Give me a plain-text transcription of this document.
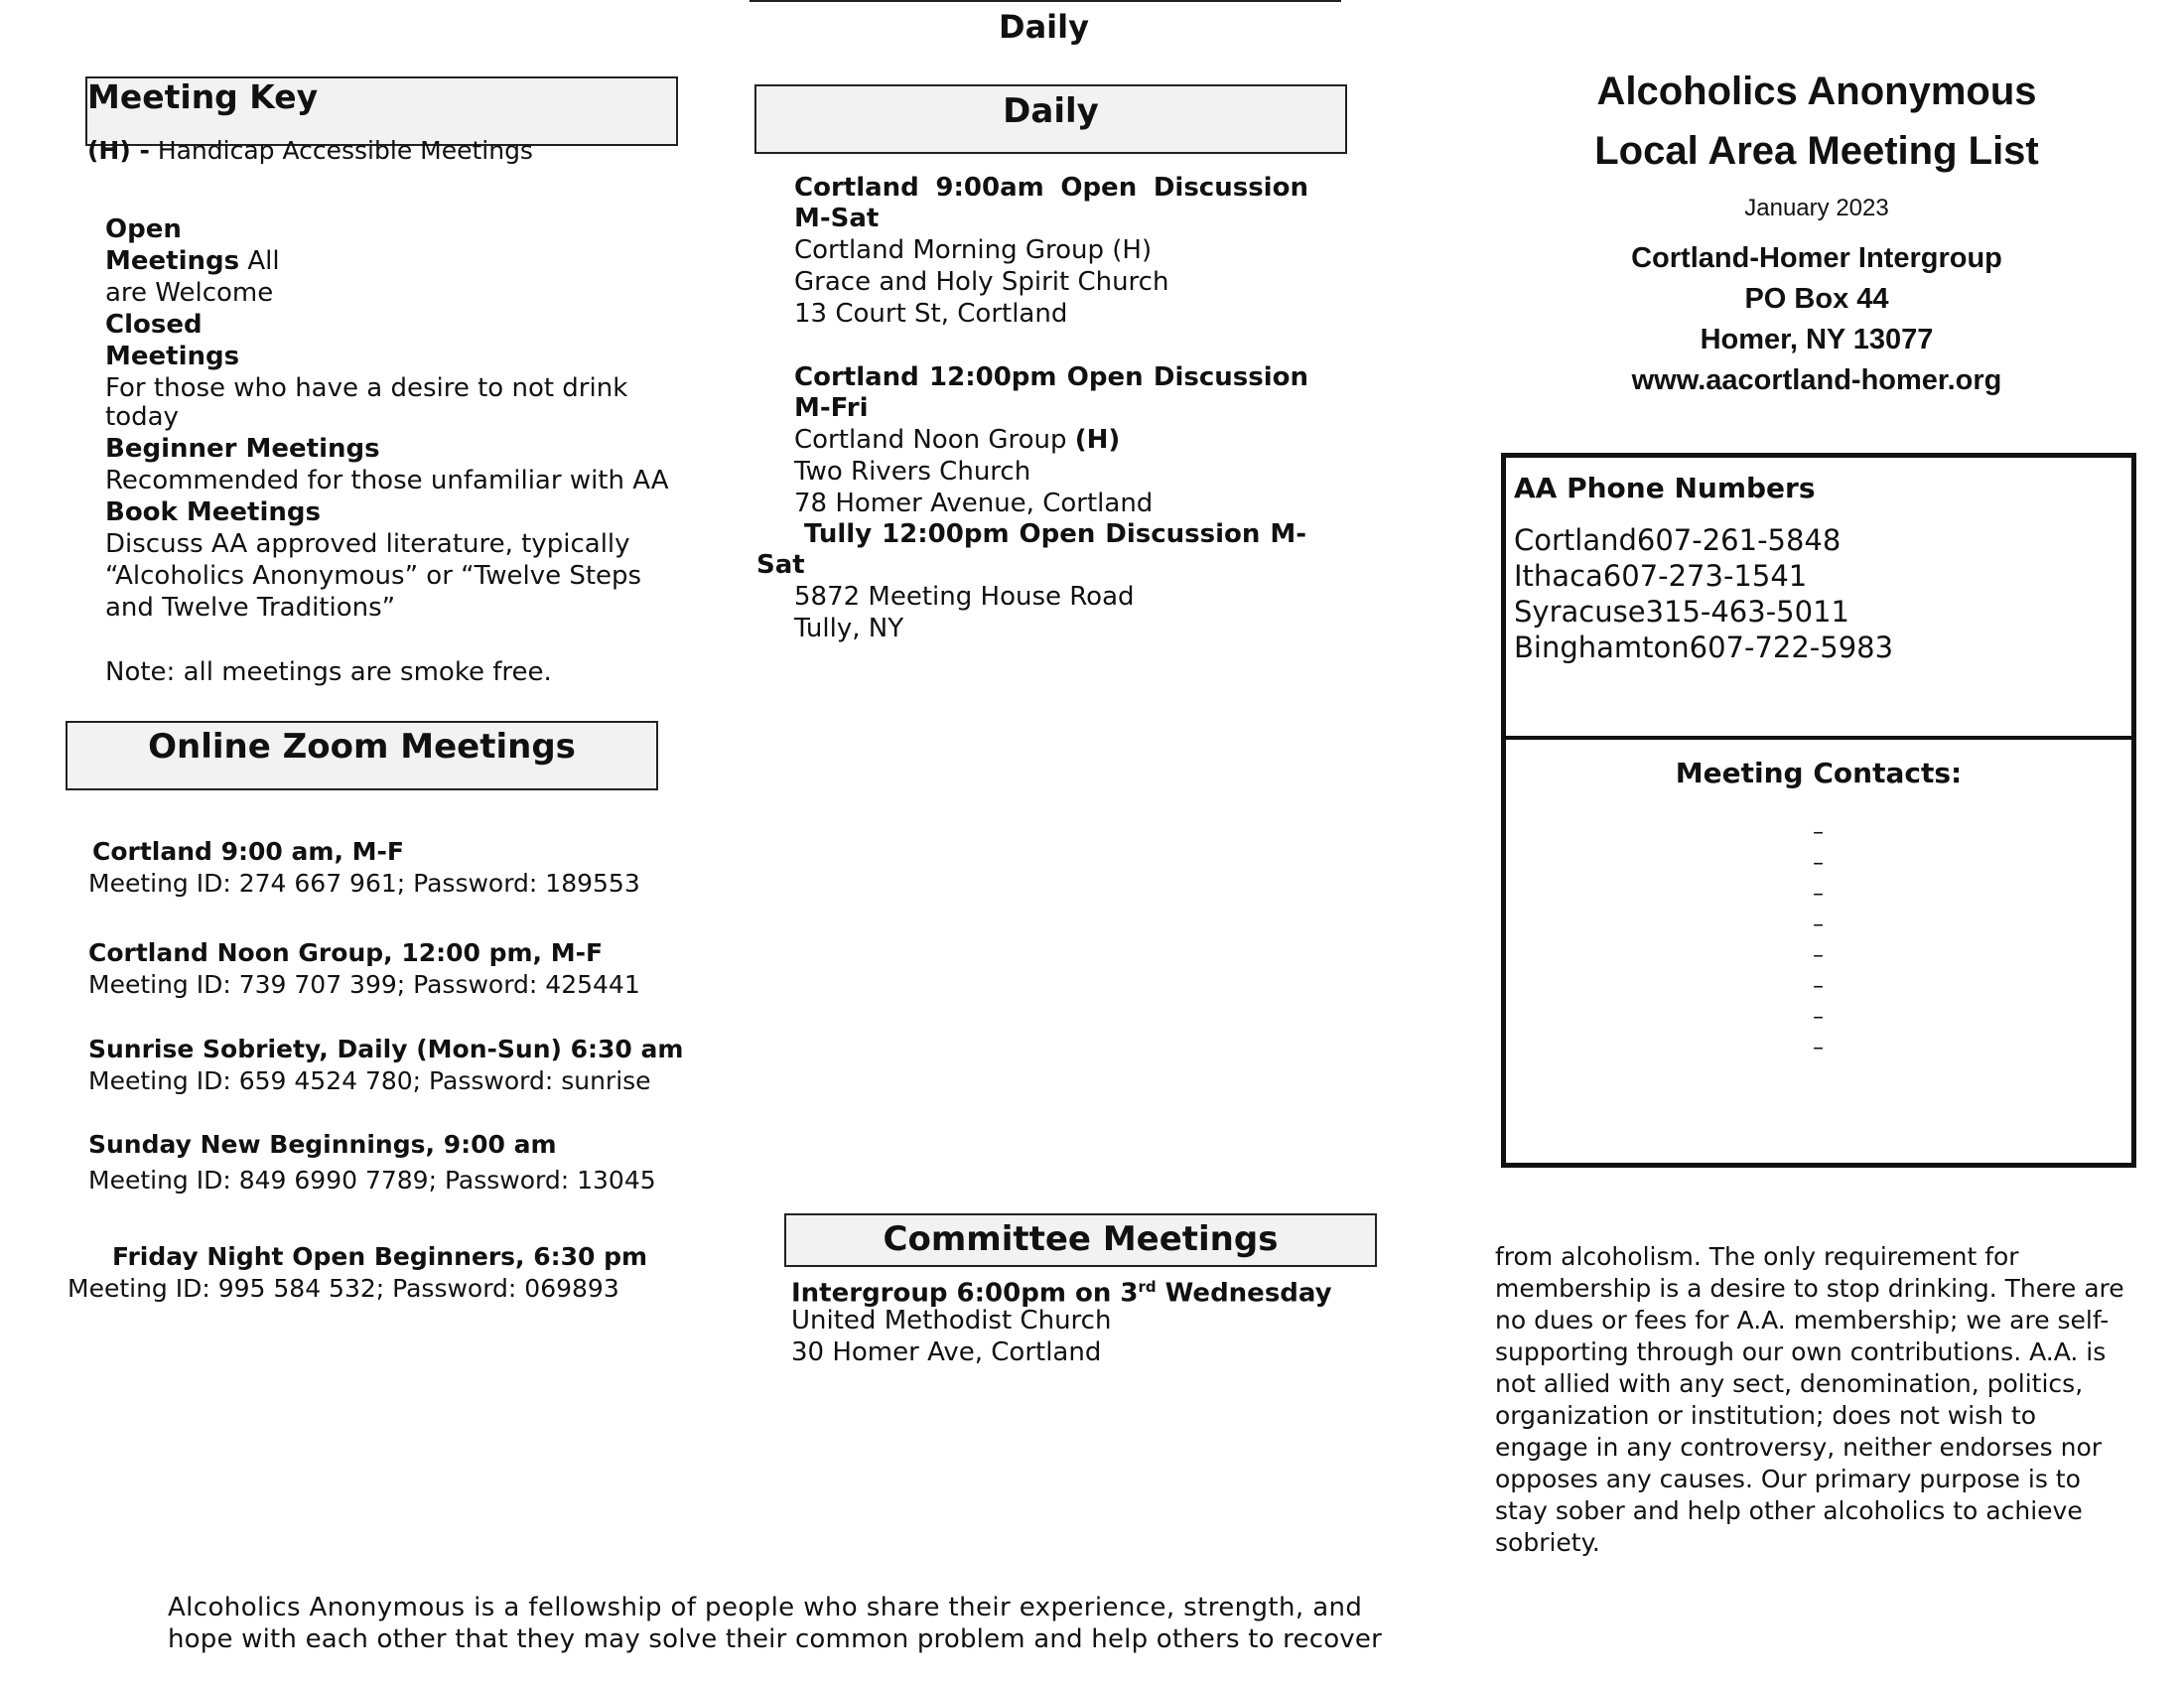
Daily
Meeting Key
(H) - Handicap Accessible Meetings
Open
Meetings All
are Welcome
Closed
Meetings
For those who have a desire to not drink
today
Beginner Meetings
Recommended for those unfamiliar with AA
Book Meetings
Discuss AA approved literature, typically
“Alcoholics Anonymous” or “Twelve Steps
and Twelve Traditions”
Note: all meetings are smoke free.
Online Zoom Meetings
Cortland 9:00 am, M-F
Meeting ID: 274 667 961; Password: 189553
Cortland Noon Group, 12:00 pm, M-F
Meeting ID: 739 707 399; Password: 425441
Sunrise Sobriety, Daily (Mon-Sun) 6:30 am
Meeting ID: 659 4524 780; Password: sunrise
Sunday New Beginnings, 9:00 am
Meeting ID: 849 6990 7789; Password: 13045
Friday Night Open Beginners, 6:30 pm
Meeting ID: 995 584 532; Password: 069893
Daily
Cortland 9:00am Open Discussion
M-Sat
Cortland Morning Group (H)
Grace and Holy Spirit Church
13 Court St, Cortland
Cortland 12:00pm Open Discussion
M-Fri
Cortland Noon Group (H)
Two Rivers Church
78 Homer Avenue, Cortland
Tully 12:00pm Open Discussion M-
Sat
5872 Meeting House Road
Tully, NY
Committee Meetings
Intergroup 6:00pm on 3rd Wednesday
United Methodist Church
30 Homer Ave, Cortland
Alcoholics Anonymous is a fellowship of people who share their experience, strength, and
hope with each other that they may solve their common problem and help others to recover
Alcoholics Anonymous
Local Area Meeting List
January 2023
Cortland-Homer Intergroup
PO Box 44
Homer, NY 13077
www.aacortland-homer.org
AA Phone Numbers
Cortland607-261-5848
Ithaca607-273-1541
Syracuse315-463-5011
Binghamton607-722-5983
Meeting Contacts:
–
–
–
–
–
–
–
–
from alcoholism. The only requirement for
membership is a desire to stop drinking. There are
no dues or fees for A.A. membership; we are self-
supporting through our own contributions. A.A. is
not allied with any sect, denomination, politics,
organization or institution; does not wish to
engage in any controversy, neither endorses nor
opposes any causes. Our primary purpose is to
stay sober and help other alcoholics to achieve
sobriety.
